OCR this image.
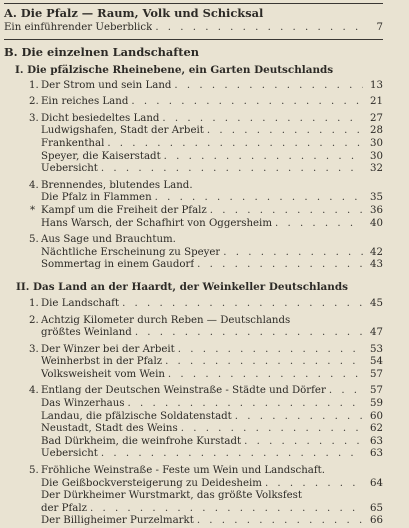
A. Die Pfalz — Raum, Volk und Schicksal
Ein einführender Ueberblick . . .	7
B. Die einzelnen Landschaften
I. Die pfälzische Rheinebene, ein Garten Deutschlands
1. Der Strom und sein Land . . .	13
2. Ein reiches Land . . .	21
3. Dicht besiedeltes Land . . .	27
Ludwigshafen, Stadt der Arbeit . . .	28
Frankenthal . . .	30
Speyer, die Kaiserstadt . . .	30
Uebersicht . . .	32
4. Brennendes, blutendes Land.
Die Pfalz in Flammen . . .	35
* Kampf um die Freiheit der Pfalz . . .	36
Hans Warsch, der Schafhirt von Oggersheim . . .	40
5. Aus Sage und Brauchtum.
Nächtliche Erscheinung zu Speyer . . .	42
Sommertag in einem Gaudorf . . .	43
II. Das Land an der Haardt, der Weinkeller Deutschlands
1. Die Landschaft . . .	45
2. Achtzig Kilometer durch Reben — Deutschlands
größtes Weinland . . .	47
3. Der Winzer bei der Arbeit . . .	53
Weinherbst in der Pfalz . . .	54
Volksweisheit vom Wein . . .	57
4. Entlang der Deutschen Weinstraße - Städte und Dörfer . . .	57
Das Winzerhaus . . .	59
Landau, die pfälzische Soldatenstadt . . .	60
Neustadt, Stadt des Weins . . .	62
Bad Dürkheim, die weinfrohe Kurstadt . . .	63
Uebersicht . . .	63
5. Fröhliche Weinstraße - Feste um Wein und Landschaft.
Die Geißbockversteigerung zu Deidesheim . . .	64
Der Dürkheimer Wurstmarkt, das größte Volksfest
der Pfalz . . .	65
Der Billigheimer Purzelmarkt . . .	66
